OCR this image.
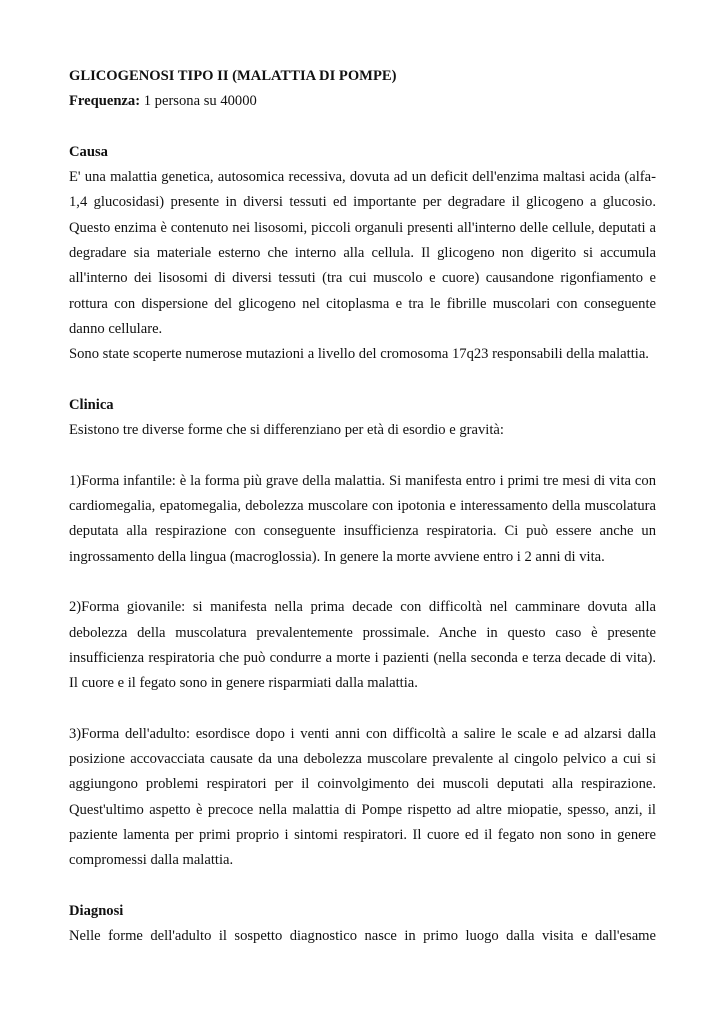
GLICOGENOSI TIPO II (MALATTIA DI POMPE)

Frequenza: 1 persona su 40000

Causa

E' una malattia genetica, autosomica recessiva, dovuta ad un deficit dell'enzima maltasi acida (alfa-1,4 glucosidasi) presente in diversi tessuti ed importante per degradare il glicogeno a glucosio. Questo enzima è contenuto nei lisosomi, piccoli organuli presenti all'interno delle cellule, deputati a degradare sia materiale esterno che interno alla cellula. Il glicogeno non digerito si accumula all'interno dei lisosomi di diversi tessuti (tra cui muscolo e cuore) causandone rigonfiamento e rottura con dispersione del glicogeno nel citoplasma e tra le fibrille muscolari con conseguente danno cellulare.

Sono state scoperte numerose mutazioni a livello del cromosoma 17q23 responsabili della malattia.

Clinica

Esistono tre diverse forme che si differenziano per età di esordio e gravità:

1)Forma infantile: è la forma più grave della malattia. Si manifesta entro i primi tre mesi di vita con cardiomegalia, epatomegalia, debolezza muscolare con ipotonia e interessamento della muscolatura deputata alla respirazione con conseguente insufficienza respiratoria. Ci può essere anche un ingrossamento della lingua (macroglossia). In genere la morte avviene entro i 2 anni di vita.

2)Forma giovanile: si manifesta nella prima decade con difficoltà nel camminare dovuta alla debolezza della muscolatura prevalentemente prossimale. Anche in questo caso è presente insufficienza respiratoria che può condurre a morte i pazienti (nella seconda e terza decade di vita). Il cuore e il fegato sono in genere risparmiati dalla malattia.

3)Forma dell'adulto: esordisce dopo i venti anni con difficoltà a salire le scale e ad alzarsi dalla posizione accovacciata causate da una debolezza muscolare prevalente al cingolo pelvico a cui si aggiungono problemi respiratori per il coinvolgimento dei muscoli deputati alla respirazione. Quest'ultimo aspetto è precoce nella malattia di Pompe rispetto ad altre miopatie, spesso, anzi, il paziente lamenta per primi proprio i sintomi respiratori. Il cuore ed il fegato non sono in genere compromessi dalla malattia.

Diagnosi

Nelle forme dell'adulto il sospetto diagnostico nasce in primo luogo dalla visita e dall'esame
